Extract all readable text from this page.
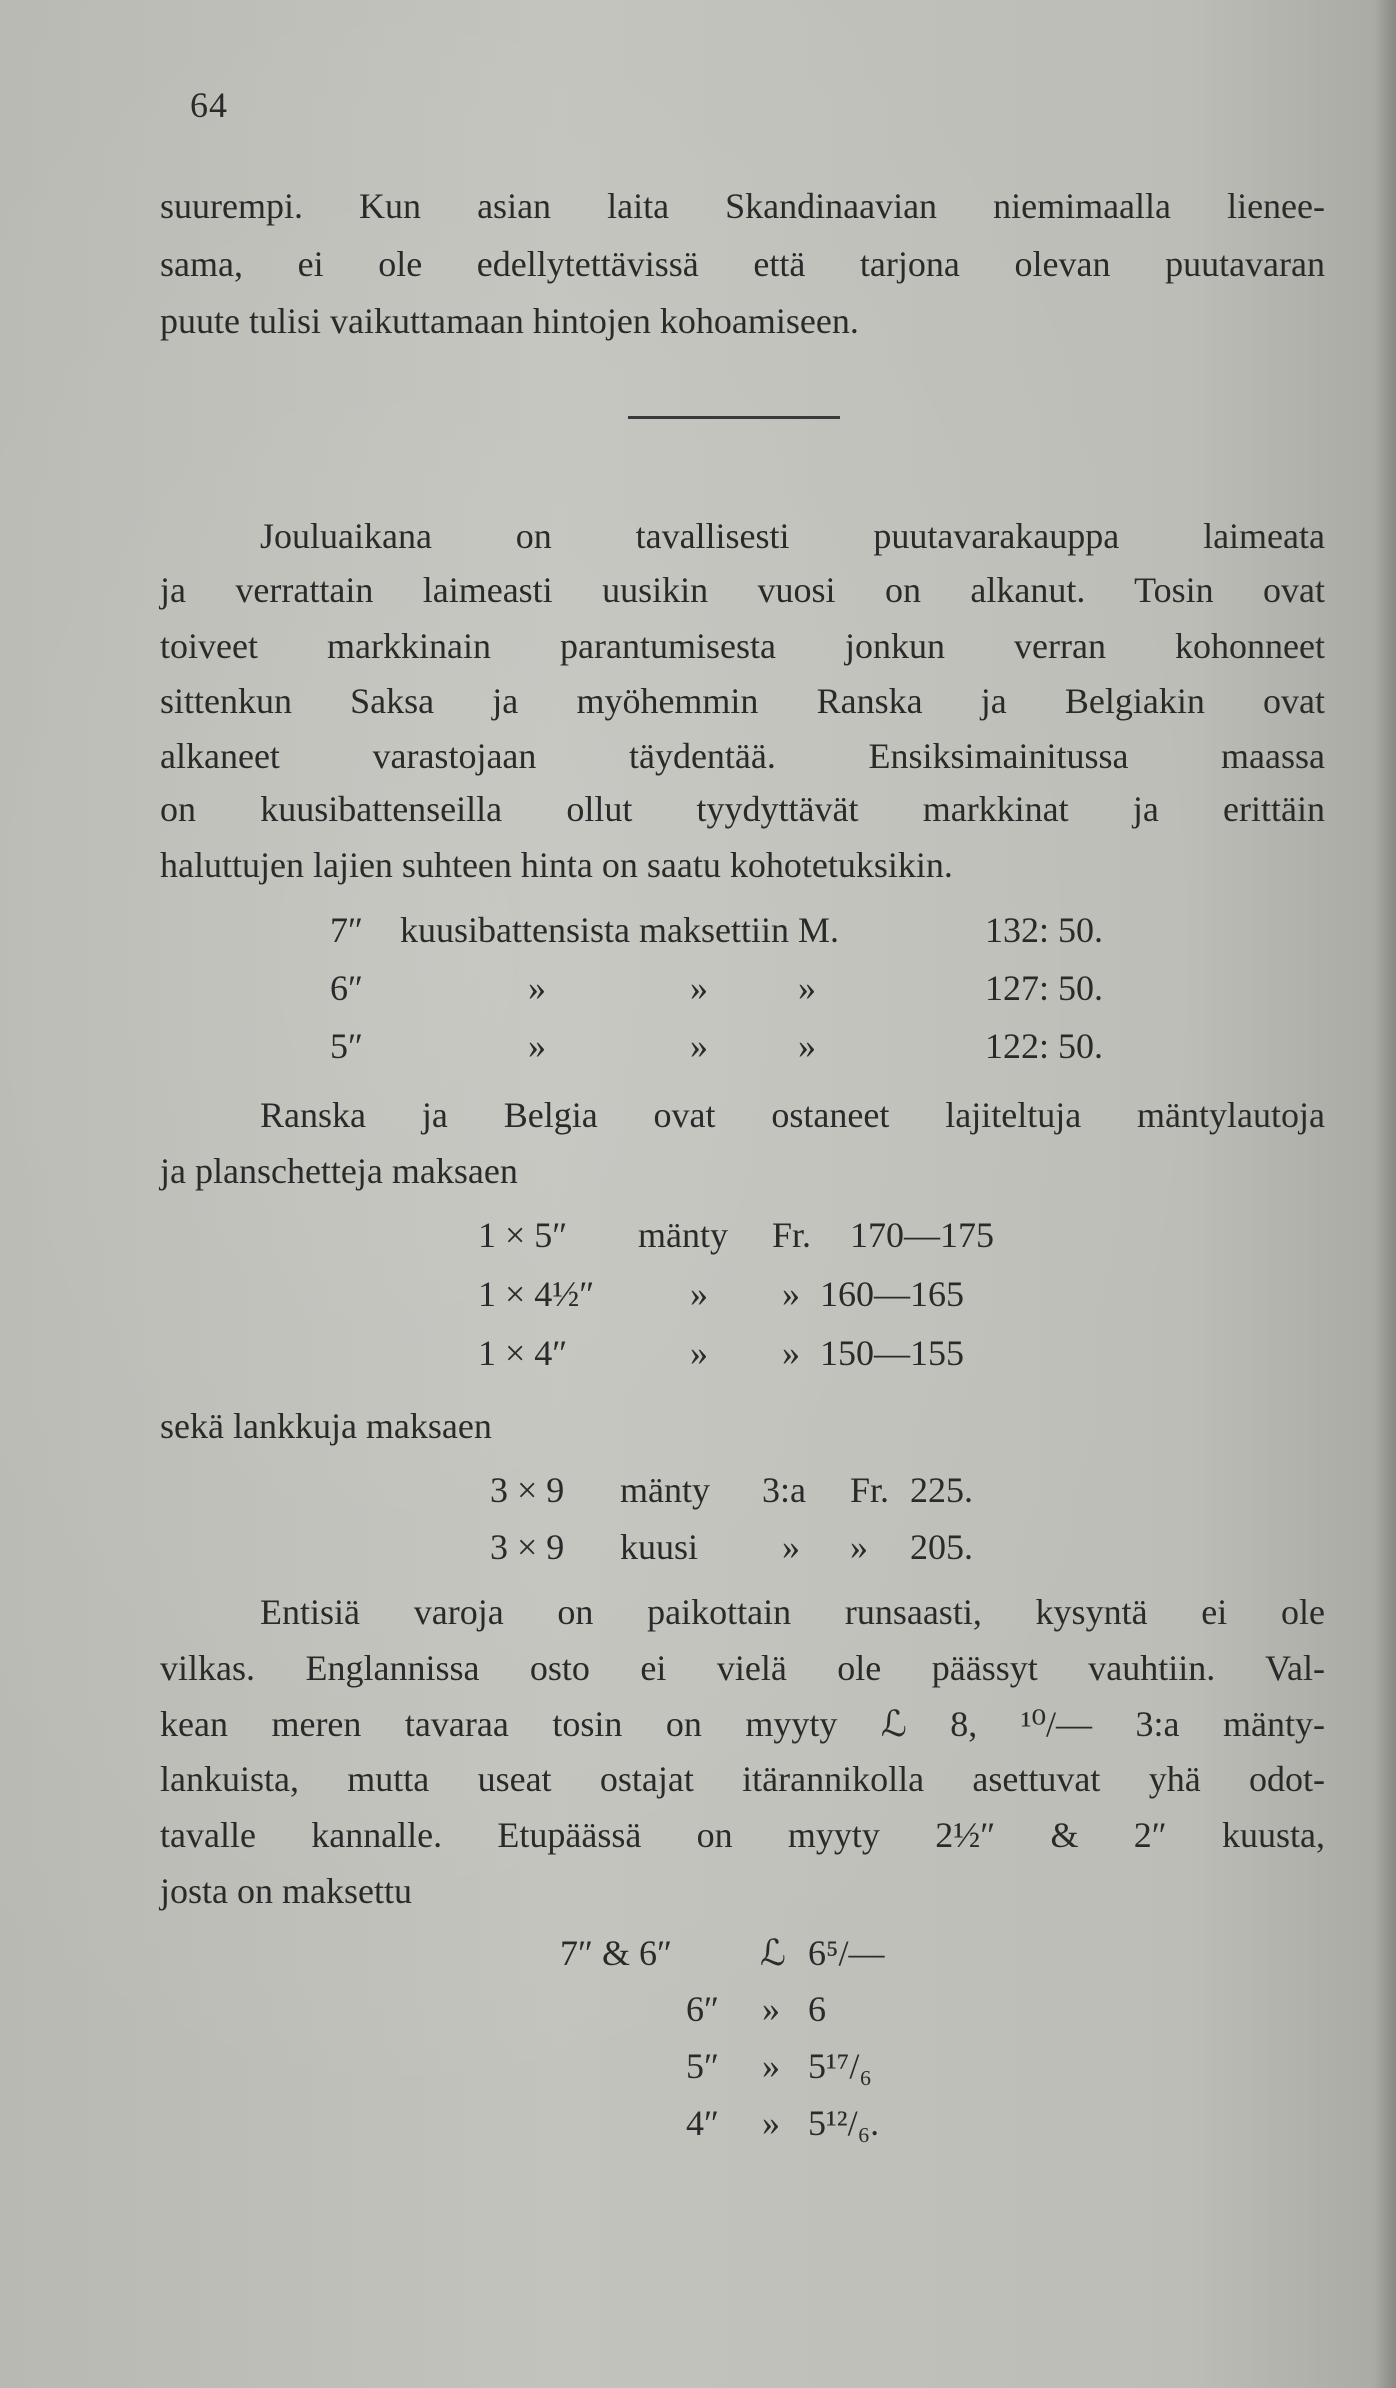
64
suurempi. Kun asian laita Skandinaavian niemimaalla lienee-
sama, ei ole edellytettävissä että tarjona olevan puutavaran
puute tulisi vaikuttamaan hintojen kohoamiseen.
Jouluaikana on tavallisesti puutavarakauppa laimeata
ja verrattain laimeasti uusikin vuosi on alkanut. Tosin ovat
toiveet markkinain parantumisesta jonkun verran kohonneet
sittenkun Saksa ja myöhemmin Ranska ja Belgiakin ovat
alkaneet varastojaan täydentää. Ensiksimainitussa maassa
on kuusibattenseilla ollut tyydyttävät markkinat ja erittäin
haluttujen lajien suhteen hinta on saatu kohotetuksikin.
7″ kuusibattensista maksettiin M.	132: 50.
6″	»                »          »	127: 50.
5″	»                »          »	122: 50.
Ranska ja Belgia ovat ostaneet lajiteltuja mäntylautoja
ja planschetteja maksaen
1 × 5″ mänty Fr. 170—175
1 × 4½″	» » 160—165
1 × 4″	» » 150—155
sekä lankkuja maksaen
3 × 9 mänty 3:a Fr. 225.
3 × 9 kuusi » » 205.
Entisiä varoja on paikottain runsaasti, kysyntä ei ole
vilkas. Englannissa osto ei vielä ole päässyt vauhtiin. Val-
kean meren tavaraa tosin on myyty ℒ 8, ¹⁰/— 3:a mänty-
lankuista, mutta useat ostajat itärannikolla asettuvat yhä odot-
tavalle kannalle. Etupäässä on myyty 2½″ & 2″ kuusta,
josta on maksettu
7″ & 6″ ℒ 6⁵/—
6″ » 6
5″ » 5¹⁷/₆
4″ » 5¹²/₆.
